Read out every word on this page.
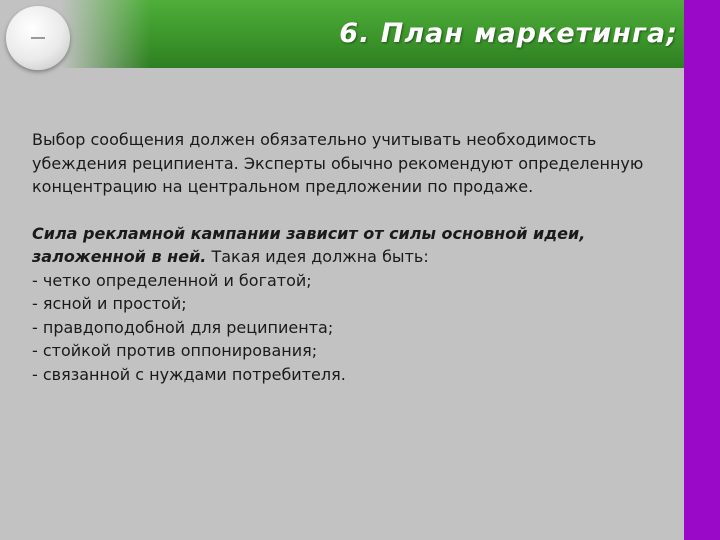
6. План маркетинга;

Выбор сообщения должен обязательно учитывать необходимость убеждения реципиента. Эксперты обычно рекомендуют определенную концентрацию на центральном предложении по продаже.

Сила рекламной кампании зависит от силы основной идеи, заложенной в ней. Такая идея должна быть:

- четко определенной и богатой;
- ясной и простой;
- правдоподобной для реципиента;
- стойкой против оппонирования;
- связанной с нуждами потребителя.
